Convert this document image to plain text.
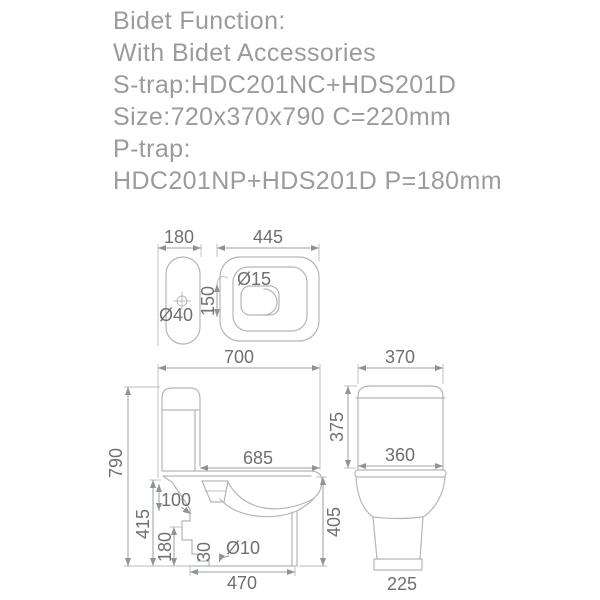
Bidet Function:
With Bidet Accessories
S-trap:HDC201NC+HDS201D
Size:720x370x790 C=220mm
P-trap:
HDC201NP+HDS201D P=180mm
180	445
Ø40
Ø15
150
700
790	685
415
180
100
30 Ø10
470
405
370
375
360
225
